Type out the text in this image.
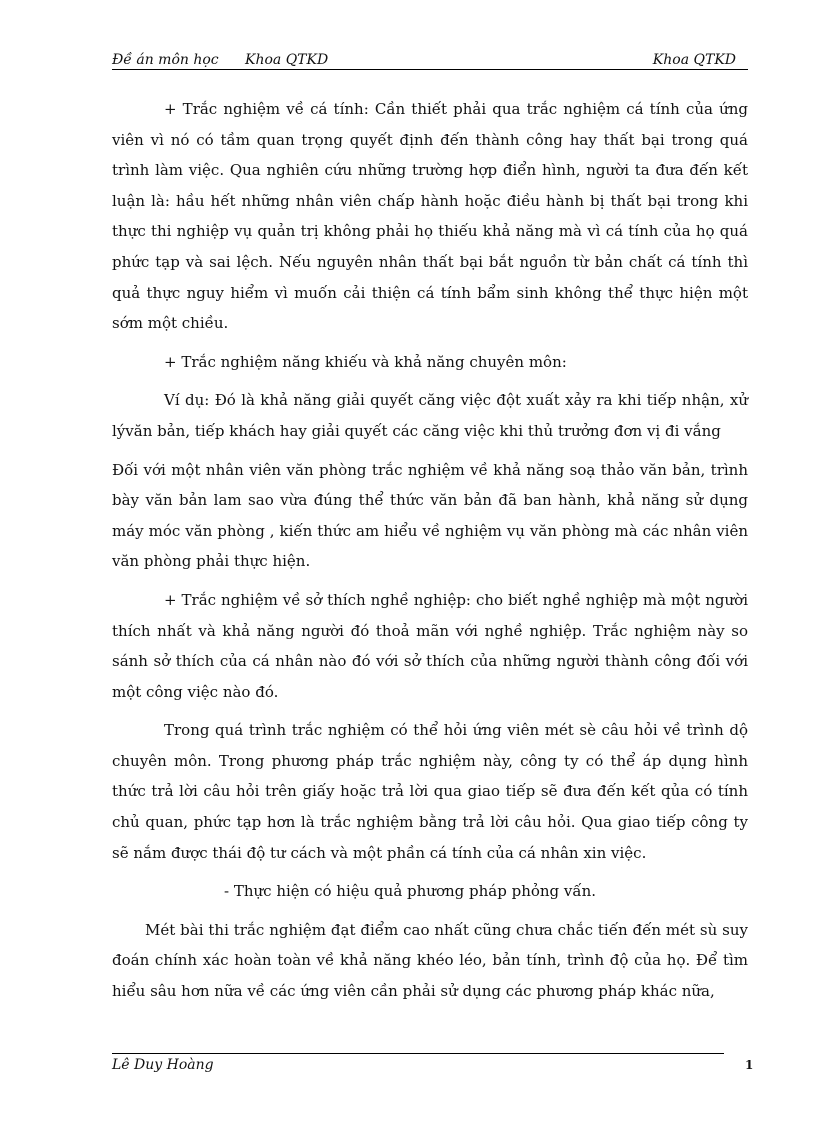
Đề án môn học Khoa QTKD	Khoa QTKD

+ Trắc nghiệm về cá tính: Cần thiết phải qua trắc nghiệm cá tính của ứng viên vì nó có tầm quan trọng quyết định đến thành công hay thất bại trong quá trình làm việc. Qua nghiên cứu những trường hợp điển hình, người ta đưa đến kết luận là: hầu hết những nhân viên chấp hành hoặc điều hành bị thất bại trong khi thực thi nghiệp vụ quản trị không phải họ thiếu khả năng mà vì cá tính của họ quá phức tạp và sai lệch. Nếu nguyên nhân thất bại bắt nguồn từ bản chất cá tính thì quả thực nguy hiểm vì muốn cải thiện cá tính bẩm sinh không thể thực hiện một sớm một chiều.

+ Trắc nghiệm năng khiếu và khả năng chuyên môn:

Ví dụ: Đó là khả năng giải quyết căng việc đột xuất xảy ra khi tiếp nhận, xử lývăn bản, tiếp khách hay giải quyết các căng việc khi thủ trưởng đơn vị đi vắng

Đối với một nhân viên văn phòng trắc nghiệm về khả năng soạ thảo văn bản, trình bày văn bản lam sao vừa đúng thể thức văn bản đã ban hành, khả năng sử dụng máy móc văn phòng , kiến thức am hiểu về nghiệm vụ văn phòng mà các nhân viên văn phòng phải thực hiện.

+ Trắc nghiệm về sở thích nghề nghiệp: cho biết nghề nghiệp mà một người thích nhất và khả năng người đó thoả mãn với nghề nghiệp. Trắc nghiệm này so sánh sở thích của cá nhân nào đó với sở thích của những người thành công đối với một công việc nào đó.

Trong quá trình trắc nghiệm có thể hỏi ứng viên mét sè câu hỏi về trình dộ chuyên môn. Trong phương pháp trắc nghiệm này, công ty có thể áp dụng hình thức trả lời câu hỏi trên giấy hoặc trả lời qua giao tiếp sẽ đưa đến kết qủa có tính chủ quan, phức tạp hơn là trắc nghiệm bằng trả lời câu hỏi. Qua giao tiếp công ty sẽ nắm được thái độ tư cách và một phần cá tính của cá nhân xin việc.

- Thực hiện có hiệu quả phương pháp phỏng vấn.

Mét bài thi trắc nghiệm đạt điểm cao nhất cũng chưa chắc tiến đến mét sù suy đoán chính xác hoàn toàn về khả năng khéo léo, bản tính, trình độ của họ. Để tìm hiểu sâu hơn nữa về các ứng viên cần phải sử dụng các phương pháp khác nữa,

Lê Duy Hoàng	1
